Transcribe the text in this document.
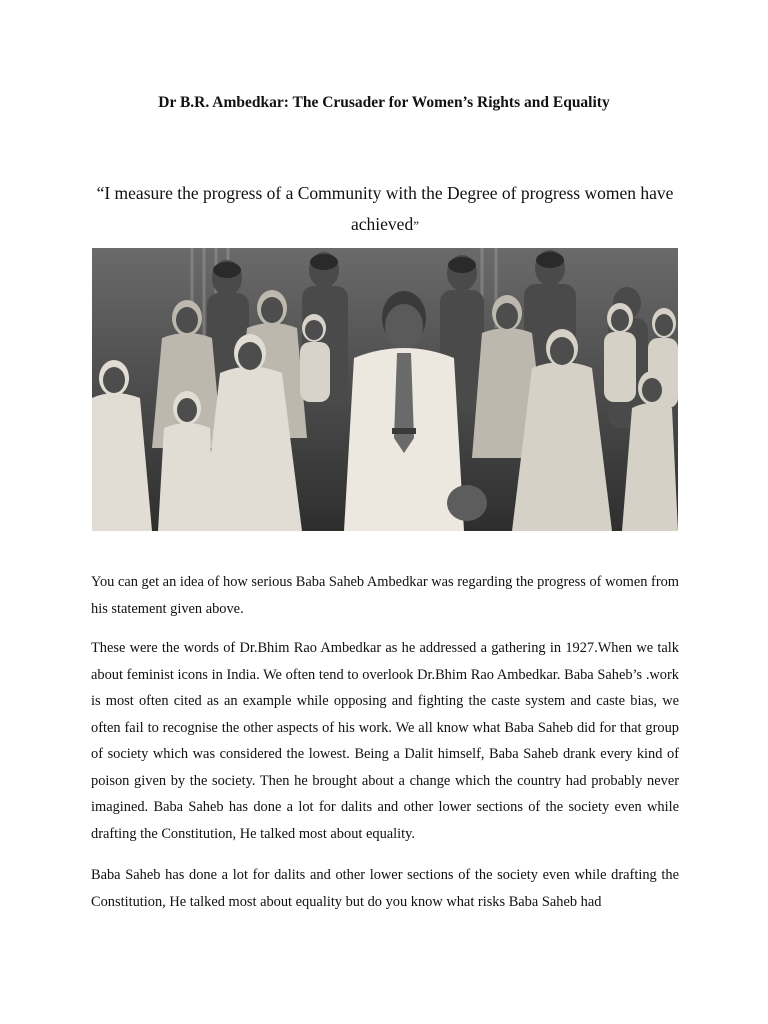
Dr B.R. Ambedkar: The Crusader for Women’s Rights and Equality
“I measure the progress of a Community with the Degree of progress women have achieved”

You can get an idea of how serious Baba Saheb Ambedkar was regarding the progress of women from his statement given above.

These were the words of Dr.Bhim Rao Ambedkar as he addressed a gathering in 1927.When we talk about feminist icons in India. We often tend to overlook Dr.Bhim Rao Ambedkar. Baba Saheb’s .work is most often cited as an example while opposing and fighting the caste system and caste bias, we often fail to recognise the other aspects of his work. We all know what Baba Saheb did for that group of society which was considered the lowest. Being a Dalit himself, Baba Saheb drank every kind of poison given by the society. Then he brought about a change which the country had probably never imagined. Baba Saheb has done a lot for dalits and other lower sections of the society even while drafting the Constitution, He talked most about equality.

Baba Saheb has done a lot for dalits and other lower sections of the society even while drafting the Constitution, He talked most about equality but do you know what risks Baba Saheb had
